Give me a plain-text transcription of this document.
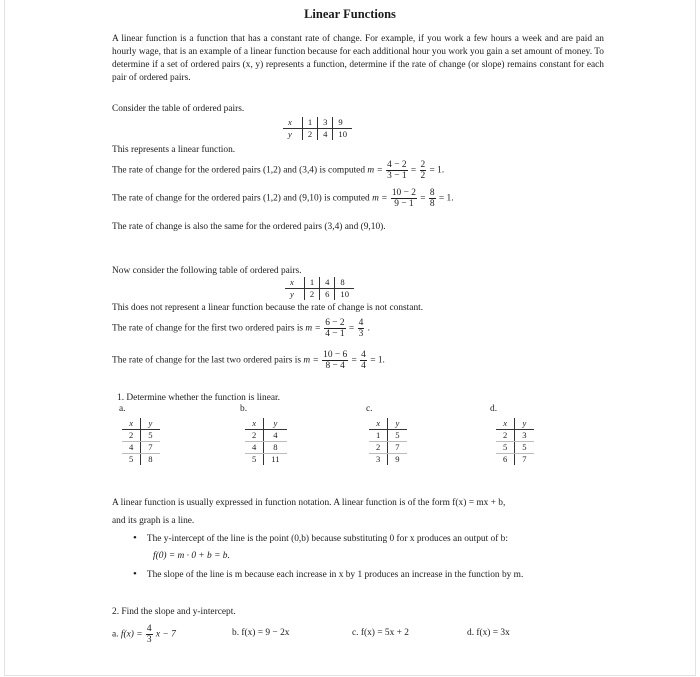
Linear Functions
A linear function is a function that has a constant rate of change. For example, if you work a few hours a week and are paid an hourly wage, that is an example of a linear function because for each additional hour you work you gain a set amount of money. To determine if a set of ordered pairs (x, y) represents a function, determine if the rate of change (or slope) remains constant for each pair of ordered pairs.
Consider the table of ordered pairs.
x	1	3	9
y	2	4	10
This represents a linear function.
The rate of change for the ordered pairs (1,2) and (3,4) is computed $m = \frac{4 - 2}{3 - 1} = \frac{2}{2} = 1$.
The rate of change for the ordered pairs (1,2) and (9,10) is computed $m = \frac{10 - 2}{9 - 1} = \frac{8}{8} = 1$.
The rate of change is also the same for the ordered pairs (3,4) and (9,10).
Now consider the following table of ordered pairs.
x	1	4	8
y	2	6	10
This does not represent a linear function because the rate of change is not constant.
The rate of change for the first two ordered pairs is $m = \frac{6 - 2}{4 - 1} = \frac{4}{3}$ .
The rate of change for the last two ordered pairs is $m = \frac{10 - 6}{8 - 4} = \frac{4}{4} = 1$.
1. Determine whether the function is linear.
a.
x	y
2	5
4	7
5	8
b.
x	y
2	4
4	8
5	11
c.
x	y
1	5
2	7
3	9
d.
x	y
2	3
5	5
6	7
A linear function is usually expressed in function notation. A linear function is of the form f(x) = mx + b,
and its graph is a line.
• The y-intercept of the line is the point (0,b) because substituting 0 for x produces an output of b:
f(0) = m · 0 + b = b.
• The slope of the line is m because each increase in x by 1 produces an increase in the function by m.
2. Find the slope and y-intercept.
a. $f(x) = \frac{4}{3}$ x − 7	b. f(x) = 9 − 2x	c. f(x) = 5x + 2	d. f(x) = 3x
